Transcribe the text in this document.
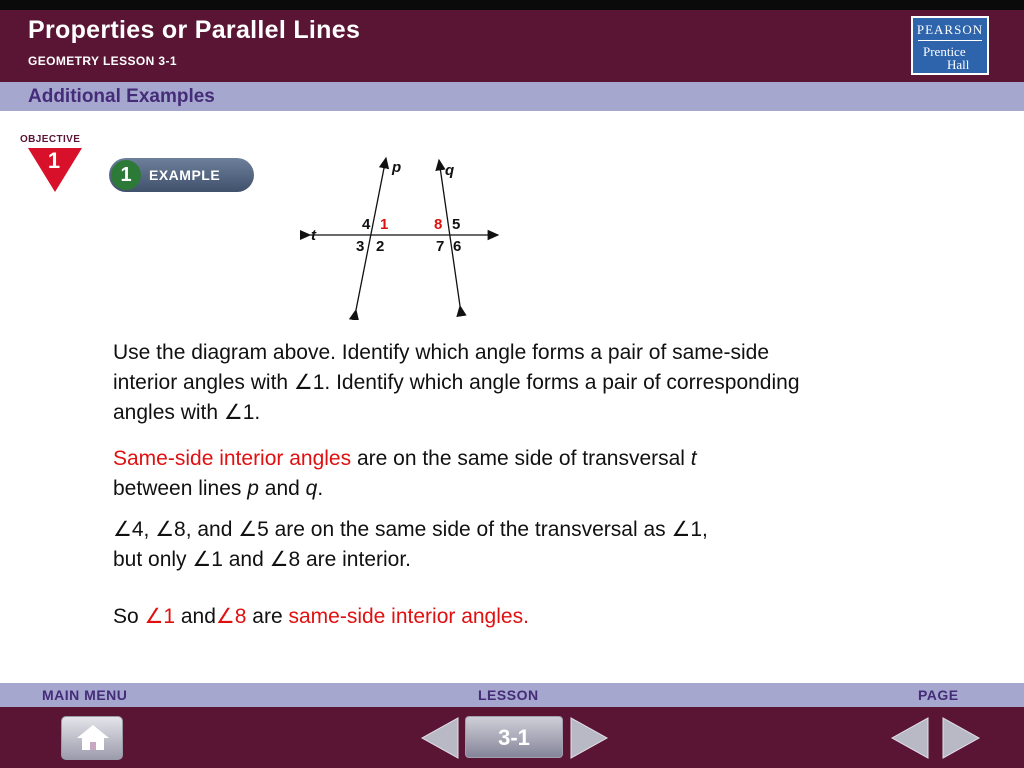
Properties or Parallel Lines
GEOMETRY LESSON 3-1
PEARSON
Prentice
Hall
Additional Examples
OBJECTIVE
1
1	EXAMPLE	p	q
t
4 1
3 2
8 5
7 6
Use the diagram above. Identify which angle forms a pair of same-side
interior angles with ∠1. Identify which angle forms a pair of corresponding
angles with ∠1.
Same-side interior angles are on the same side of transversal t
between lines p and q.
∠4, ∠8, and ∠5 are on the same side of the transversal as ∠1,
but only ∠1 and ∠8 are interior.
So ∠1 and∠8 are same-side interior angles.
MAIN MENU	LESSON	PAGE
3-1
